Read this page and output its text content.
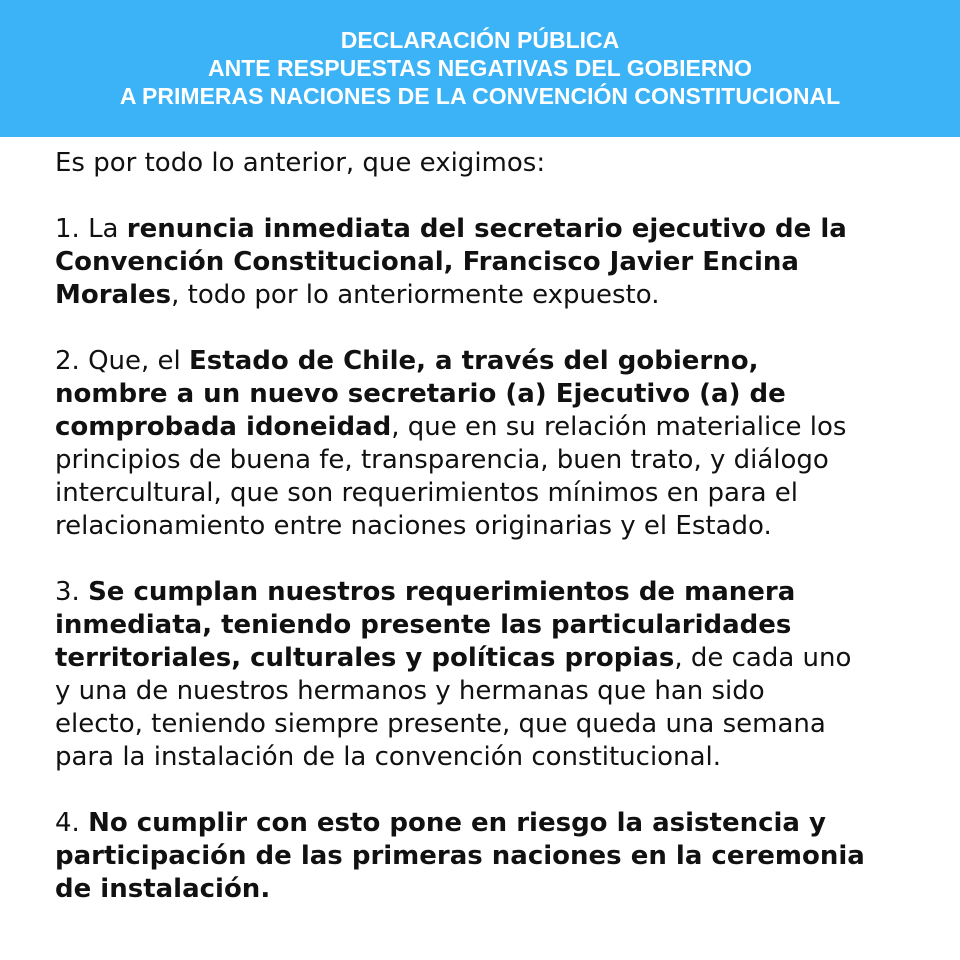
DECLARACIÓN PÚBLICA
ANTE RESPUESTAS NEGATIVAS DEL GOBIERNO
A PRIMERAS NACIONES DE LA CONVENCIÓN CONSTITUCIONAL

Es por todo lo anterior, que exigimos:

1. La renuncia inmediata del secretario ejecutivo de la
Convención Constitucional, Francisco Javier Encina
Morales, todo por lo anteriormente expuesto.
2. Que, el Estado de Chile, a través del gobierno,
nombre a un nuevo secretario (a) Ejecutivo (a) de
comprobada idoneidad, que en su relación materialice los
principios de buena fe, transparencia, buen trato, y diálogo
intercultural, que son requerimientos mínimos en para el
relacionamiento entre naciones originarias y el Estado.
3. Se cumplan nuestros requerimientos de manera
inmediata, teniendo presente las particularidades
territoriales, culturales y políticas propias, de cada uno
y una de nuestros hermanos y hermanas que han sido
electo, teniendo siempre presente, que queda una semana
para la instalación de la convención constitucional.
4. No cumplir con esto pone en riesgo la asistencia y
participación de las primeras naciones en la ceremonia
de instalación.
